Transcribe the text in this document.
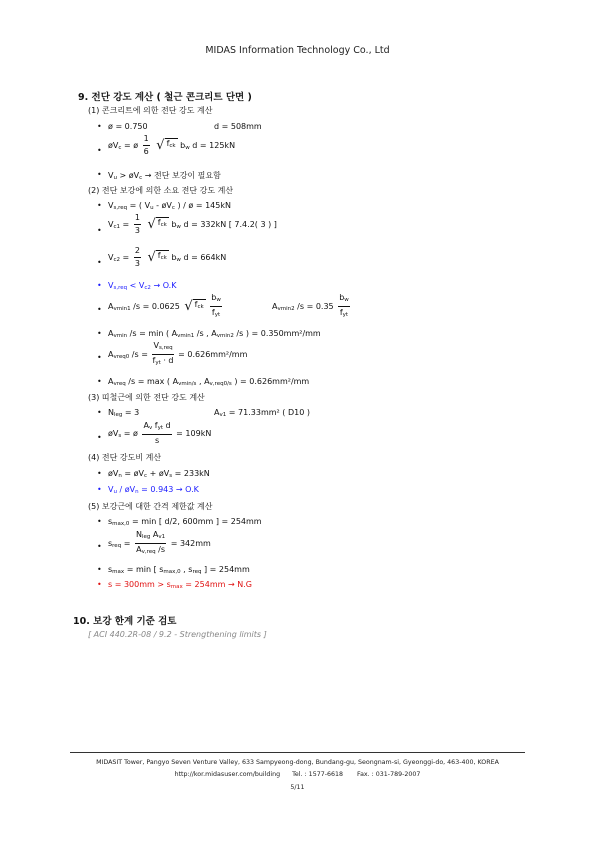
MIDAS Information Technology Co., Ltd
9. 전단 강도 계산 ( 철근 콘크리트 단면 )
(1) 콘크리트에 의한 전단 강도 계산
• ø = 0.750	d = 508mm
•
$øV_c$ = ø $\frac{1}{6}$ √ $f_{ck}$ $b_w$ d = 125kN
• $V_u$ > $øV_c$ → 전단 보강이 필요함
(2) 전단 보강에 의한 소요 전단 강도 계산
• $V_{s,req}$ = ( $V_u$ - $øV_c$ ) / ø = 145kN
•
$V_{c1} = \frac{1}{3}$ √ $f_{ck}$ $b_w$ d = 332kN [ 7.4.2( 3 ) ]
•
$V_{c2} = \frac{2}{3}$ √ $f_{ck}$ $b_w$ d = 664kN
• $V_{s,req} < V_{c2} \to O.K$
• $A_{vmin1}$ /s = 0.0625 √ $f_{ck} \frac{b_w}{f_{yt}}$	$A_{vmin2}$ $/s = 0.35 \frac{b_w}{f_{yt}}$
• $A_{vmin}$ /s = min ( $A_{vmin1}$ /s , $A_{vmin2}$ /s ) = 0.350mm²/mm
• $A_{vreq0}$ $/s = \frac{V_{s,req}}{f_{yt} \cdot d} = 0.626mm^2/mm$
• $A_{vreq}$ /s = max ( $A_{vmin/s}$ , $A_{v,req0/s}$ ) = 0.626mm²/mm
(3) 띠철근에 의한 전단 강도 계산
• $N_{leg} = 3$	$A_{v1} = 71.33mm^2$ ( D10 )
• $øV_s$ = ø $\frac{A_v f_{yt} d}{s} = 109kN$
(4) 전단 강도비 계산
• $øV_n$ = $øV_c$ + $øV_s = 233kN$
• $V_u$ / $øV_n = 0.943 \to O.K$
(5) 보강근에 대한 간격 제한값 계산
• $s_{max,0} = \min$ [ d/2, 600mm ] = 254mm
• $s_{req} = \frac{N_{leg} A_{v1}}{A_{v,req} /s} = 342mm$
• $s_{max} = \min$ [ $s_{max,0}$ , $s_{req}$ ] = 254mm
• $s = 300mm > s_{max} = 254mm \to N.G$
10. 보강 한계 기준 검토
[ ACI 440.2R-08 / 9.2 - Strengthening limits ]
MIDASIT Tower, Pangyo Seven Venture Valley, 633 Sampyeong-dong, Bundang-gu, Seongnam-si, Gyeonggi-do, 463-400, KOREA
http://kor.midasuser.com/building Tel. : 1577-6618 Fax. : 031-789-2007
5/11
